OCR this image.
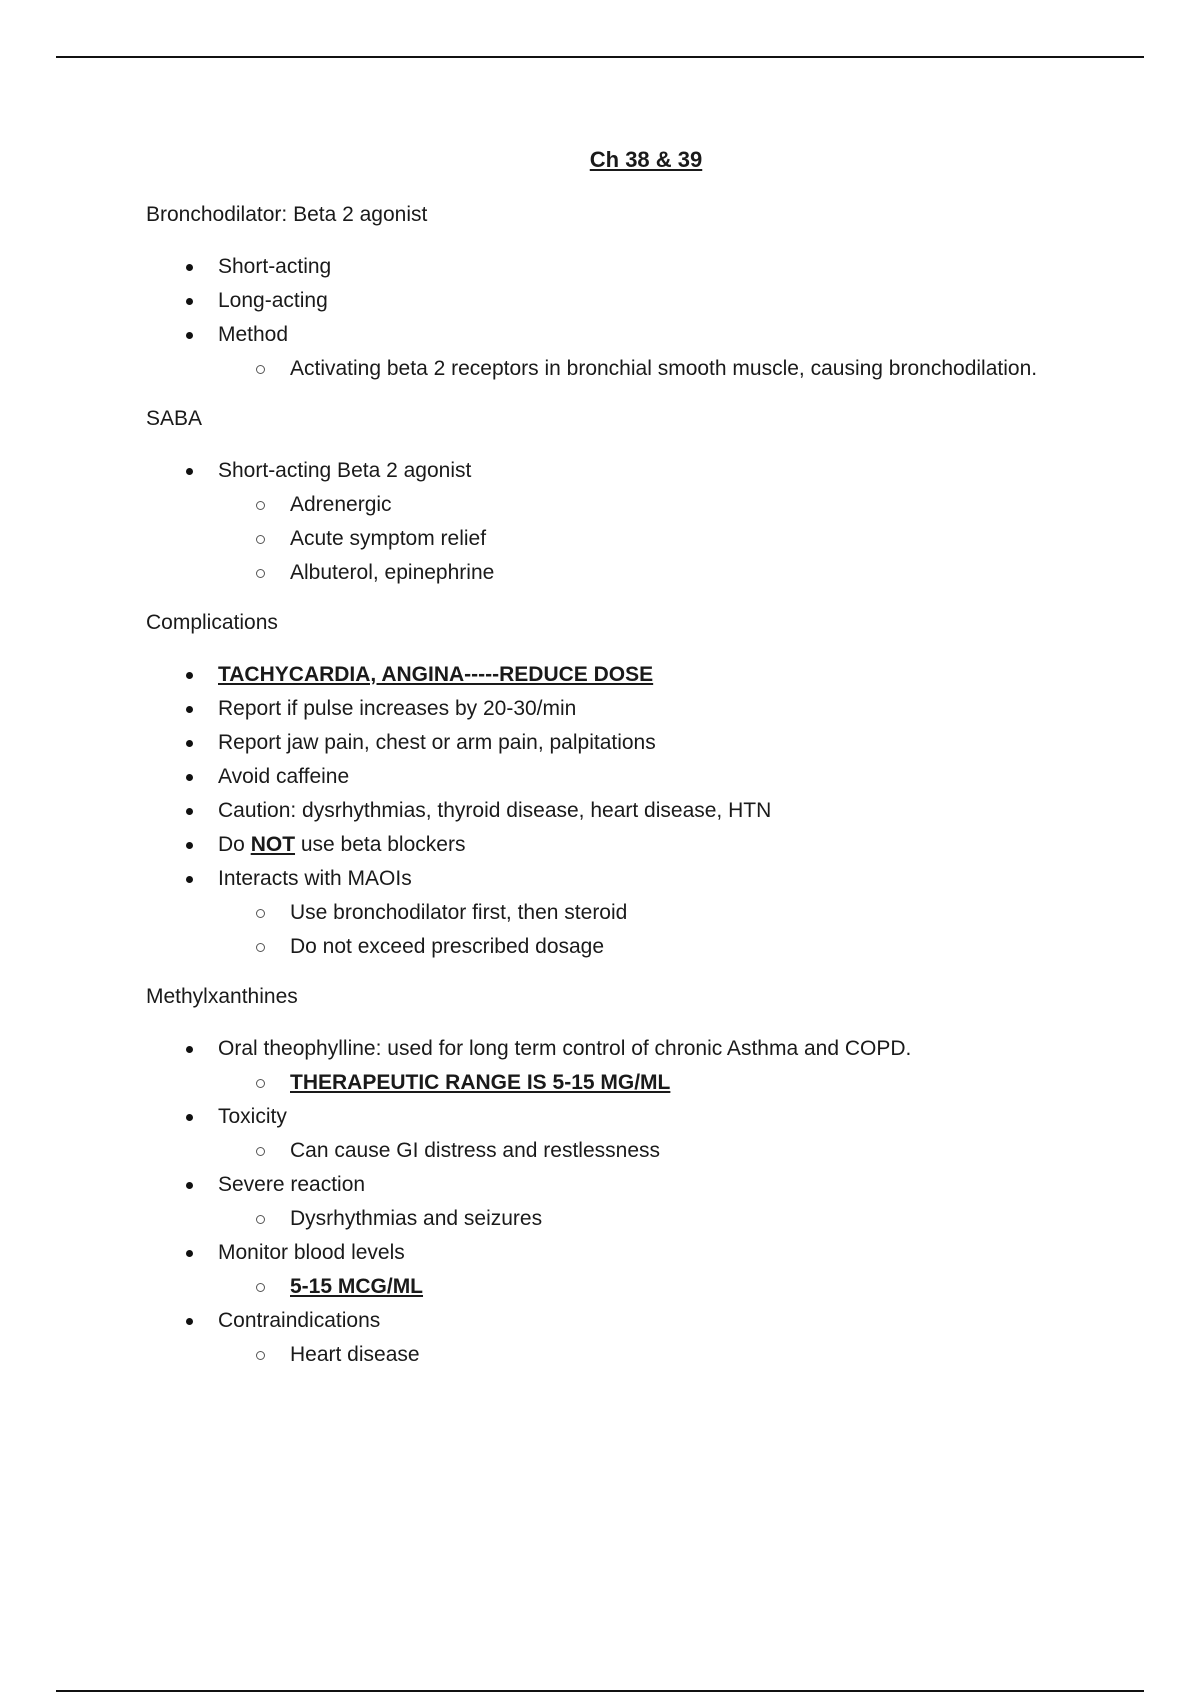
Ch 38 & 39
Bronchodilator: Beta 2 agonist
Short-acting
Long-acting
Method
Activating beta 2 receptors in bronchial smooth muscle, causing bronchodilation.
SABA
Short-acting Beta 2 agonist
Adrenergic
Acute symptom relief
Albuterol, epinephrine
Complications
TACHYCARDIA, ANGINA-----REDUCE DOSE
Report if pulse increases by 20-30/min
Report jaw pain, chest or arm pain, palpitations
Avoid caffeine
Caution: dysrhythmias, thyroid disease, heart disease, HTN
Do NOT use beta blockers
Interacts with MAOIs
Use bronchodilator first, then steroid
Do not exceed prescribed dosage
Methylxanthines
Oral theophylline: used for long term control of chronic Asthma and COPD.
THERAPEUTIC RANGE IS 5-15 MG/ML
Toxicity
Can cause GI distress and restlessness
Severe reaction
Dysrhythmias and seizures
Monitor blood levels
5-15 MCG/ML
Contraindications
Heart disease
